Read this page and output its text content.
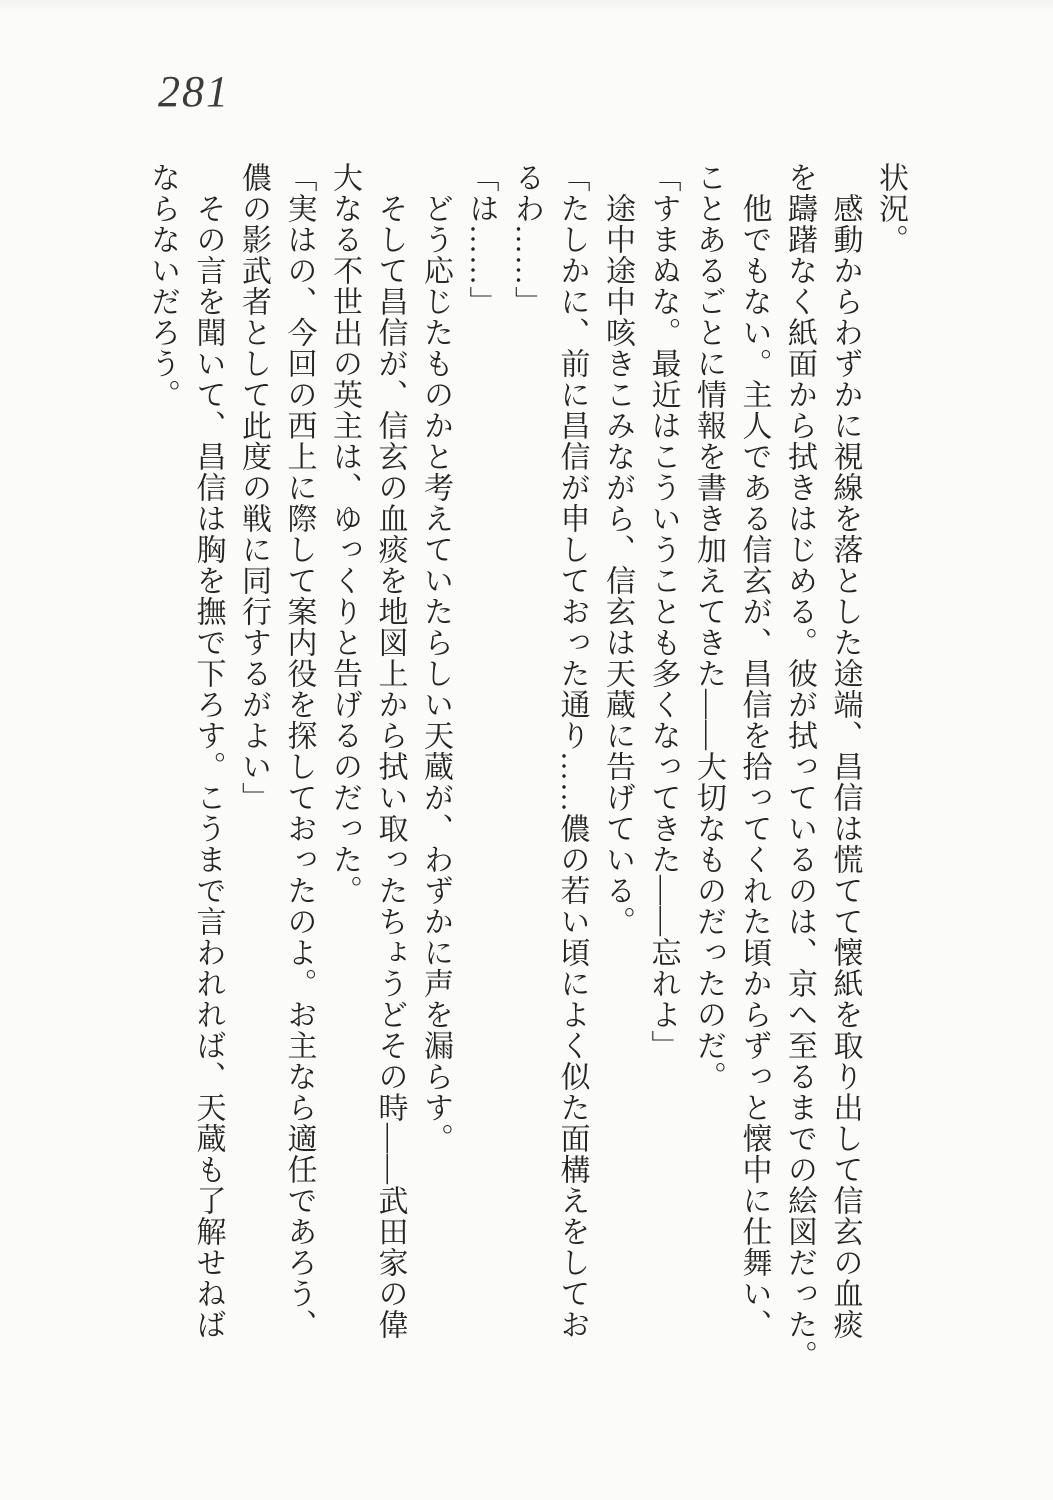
281
状況。
感動からわずかに視線を落とした途端、昌信は慌てて懐紙を取り出して信玄の血痰
を躊躇なく紙面から拭きはじめる。彼が拭っているのは、京へ至るまでの絵図だった。
他でもない。主人である信玄が、昌信を拾ってくれた頃からずっと懐中に仕舞い、
ことあるごとに情報を書き加えてきた――大切なものだったのだ。
「すまぬな。最近はこういうことも多くなってきた――忘れよ」
途中途中咳きこみながら、信玄は天蔵に告げている。
「たしかに、前に昌信が申しておった通り……儂の若い頃によく似た面構えをしてお
るわ……」
「は……」
どう応じたものかと考えていたらしい天蔵が、わずかに声を漏らす。
そして昌信が、信玄の血痰を地図上から拭い取ったちょうどその時――武田家の偉
大なる不世出の英主は、ゆっくりと告げるのだった。
「実はの、今回の西上に際して案内役を探しておったのよ。お主なら適任であろう、
儂の影武者として此度の戦に同行するがよい」
その言を聞いて、昌信は胸を撫で下ろす。こうまで言われれば、天蔵も了解せねば
ならないだろう。
